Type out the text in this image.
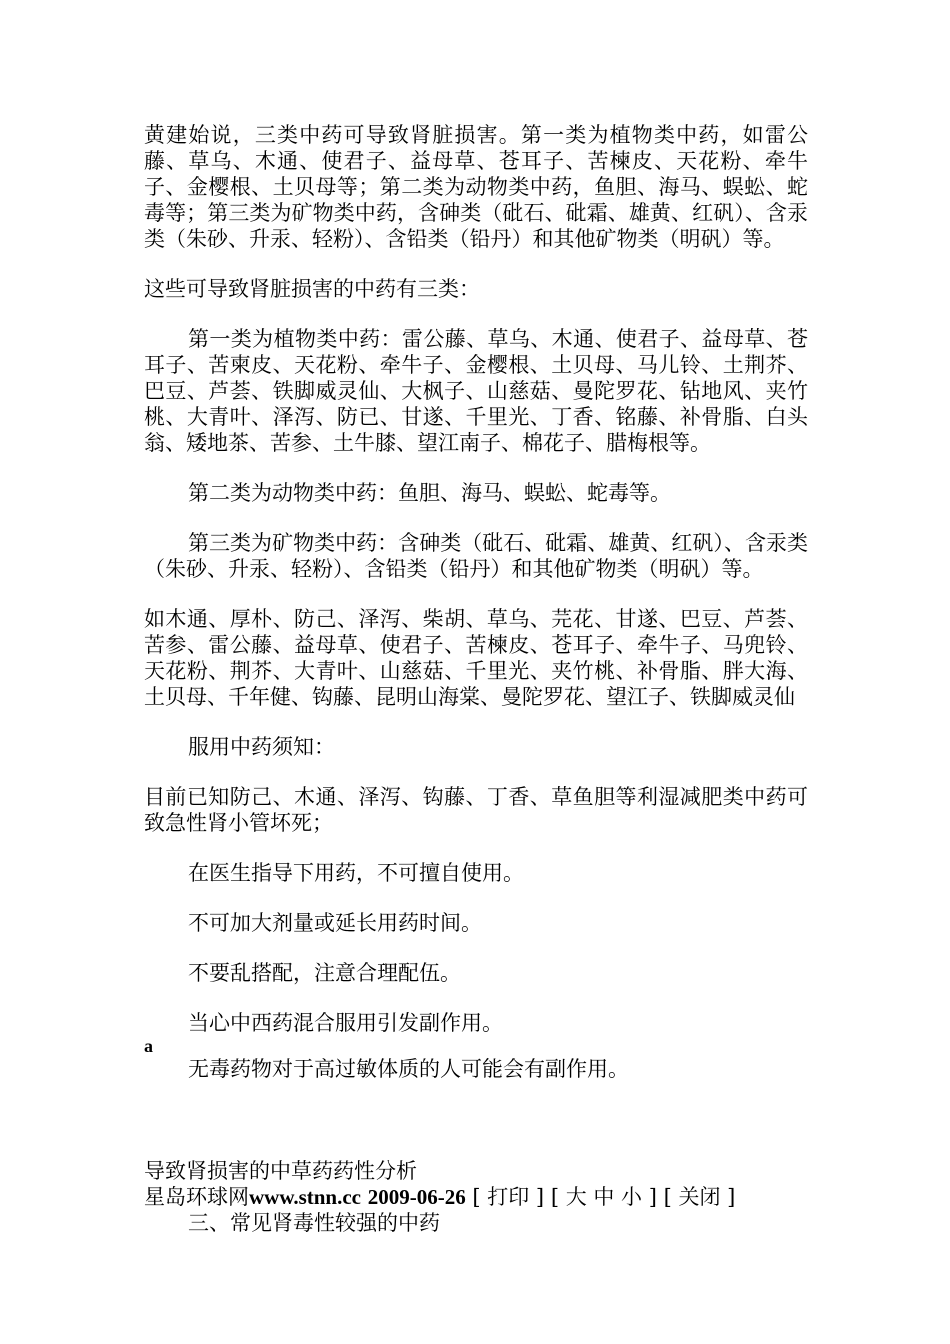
黄建始说，三类中药可导致肾脏损害。第一类为植物类中药，如雷公藤、草乌、木通、使君子、益母草、苍耳子、苦楝皮、天花粉、牵牛子、金樱根、土贝母等；第二类为动物类中药，鱼胆、海马、蜈蚣、蛇毒等；第三类为矿物类中药，含砷类（砒石、砒霜、雄黄、红矾）、含汞类（朱砂、升汞、轻粉）、含铅类（铅丹）和其他矿物类（明矾）等。

这些可导致肾脏损害的中药有三类：

第一类为植物类中药：雷公藤、草乌、木通、使君子、益母草、苍耳子、苦柬皮、天花粉、牵牛子、金樱根、土贝母、马儿铃、土荆芥、巴豆、芦荟、铁脚威灵仙、大枫子、山慈菇、曼陀罗花、钻地风、夹竹桃、大青叶、泽泻、防已、甘遂、千里光、丁香、铭藤、补骨脂、白头翁、矮地茶、苦参、土牛膝、望江南子、棉花子、腊梅根等。

第二类为动物类中药：鱼胆、海马、蜈蚣、蛇毒等。

第三类为矿物类中药：含砷类（砒石、砒霜、雄黄、红矾）、含汞类（朱砂、升汞、轻粉）、含铅类（铅丹）和其他矿物类（明矾）等。

如木通、厚朴、防己、泽泻、柴胡、草乌、芫花、甘遂、巴豆、芦荟、苦参、雷公藤、益母草、使君子、苦楝皮、苍耳子、牵牛子、马兜铃、天花粉、荆芥、大青叶、山慈菇、千里光、夹竹桃、补骨脂、胖大海、土贝母、千年健、钩藤、昆明山海棠、曼陀罗花、望江子、铁脚威灵仙

服用中药须知：

目前已知防己、木通、泽泻、钩藤、丁香、草鱼胆等利湿减肥类中药可致急性肾小管坏死；

在医生指导下用药，不可擅自使用。

不可加大剂量或延长用药时间。

不要乱搭配，注意合理配伍。

当心中西药混合服用引发副作用。

a

无毒药物对于高过敏体质的人可能会有副作用。

导致肾损害的中草药药性分析

星岛环球网www.stnn.cc 2009-06-26 [ 打印 ] [ 大 中 小 ] [ 关闭 ]

三、常见肾毒性较强的中药
